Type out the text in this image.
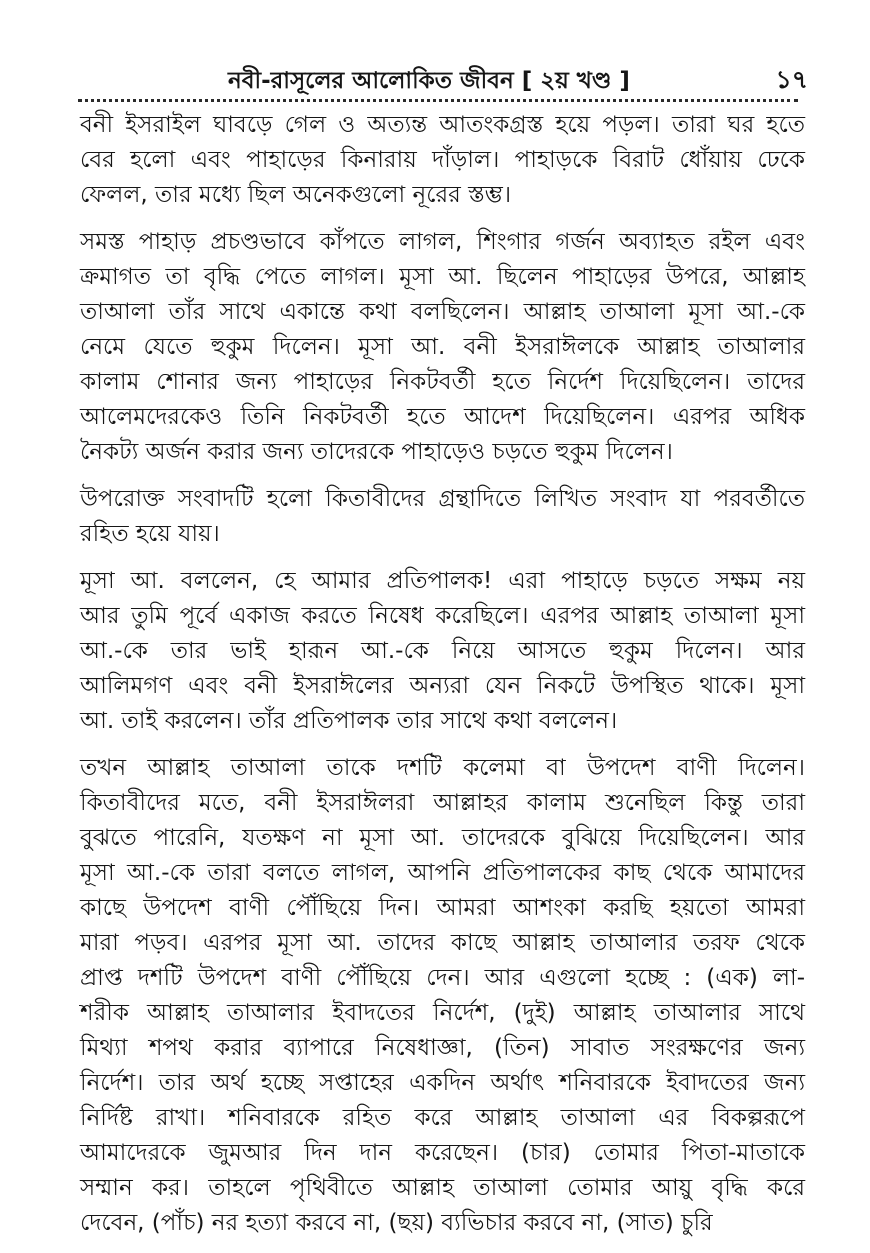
নবী-রাসূলের আলোকিত জীবন [ ২য় খণ্ড ]	১৭
বনী ইসরাইল ঘাবড়ে গেল ও অত্যন্ত আতংকগ্রস্ত হয়ে পড়ল। তারা ঘর হতে
বের হলো এবং পাহাড়ের কিনারায় দাঁড়াল। পাহাড়কে বিরাট ধোঁয়ায় ঢেকে
ফেলল, তার মধ্যে ছিল অনেকগুলো নূরের স্তম্ভ।
সমস্ত পাহাড় প্রচণ্ডভাবে কাঁপতে লাগল, শিংগার গর্জন অব্যাহত রইল এবং
ক্রমাগত তা বৃদ্ধি পেতে লাগল। মূসা আ. ছিলেন পাহাড়ের উপরে, আল্লাহ
তাআলা তাঁর সাথে একান্তে কথা বলছিলেন। আল্লাহ তাআলা মূসা আ.-কে
নেমে যেতে হুকুম দিলেন। মূসা আ. বনী ইসরাঈলকে আল্লাহ তাআলার
কালাম শোনার জন্য পাহাড়ের নিকটবর্তী হতে নির্দেশ দিয়েছিলেন। তাদের
আলেমদেরকেও তিনি নিকটবর্তী হতে আদেশ দিয়েছিলেন। এরপর অধিক
নৈকট্য অর্জন করার জন্য তাদেরকে পাহাড়েও চড়তে হুকুম দিলেন।
উপরোক্ত সংবাদটি হলো কিতাবীদের গ্রন্থাদিতে লিখিত সংবাদ যা পরবর্তীতে
রহিত হয়ে যায়।
মূসা আ. বললেন, হে আমার প্রতিপালক! এরা পাহাড়ে চড়তে সক্ষম নয়
আর তুমি পূর্বে একাজ করতে নিষেধ করেছিলে। এরপর আল্লাহ তাআলা মূসা
আ.-কে তার ভাই হারূন আ.-কে নিয়ে আসতে হুকুম দিলেন। আর
আলিমগণ এবং বনী ইসরাঈলের অন্যরা যেন নিকটে উপস্থিত থাকে। মূসা
আ. তাই করলেন। তাঁর প্রতিপালক তার সাথে কথা বললেন।
তখন আল্লাহ তাআলা তাকে দশটি কলেমা বা উপদেশ বাণী দিলেন।
কিতাবীদের মতে, বনী ইসরাঈলরা আল্লাহর কালাম শুনেছিল কিন্তু তারা
বুঝতে পারেনি, যতক্ষণ না মূসা আ. তাদেরকে বুঝিয়ে দিয়েছিলেন। আর
মূসা আ.-কে তারা বলতে লাগল, আপনি প্রতিপালকের কাছ থেকে আমাদের
কাছে উপদেশ বাণী পৌঁছিয়ে দিন। আমরা আশংকা করছি হয়তো আমরা
মারা পড়ব। এরপর মূসা আ. তাদের কাছে আল্লাহ তাআলার তরফ থেকে
প্রাপ্ত দশটি উপদেশ বাণী পৌঁছিয়ে দেন। আর এগুলো হচ্ছে : (এক) লা-
শরীক আল্লাহ তাআলার ইবাদতের নির্দেশ, (দুই) আল্লাহ তাআলার সাথে
মিথ্যা শপথ করার ব্যাপারে নিষেধাজ্ঞা, (তিন) সাবাত সংরক্ষণের জন্য
নির্দেশ। তার অর্থ হচ্ছে সপ্তাহের একদিন অর্থাৎ শনিবারকে ইবাদতের জন্য
নির্দিষ্ট রাখা। শনিবারকে রহিত করে আল্লাহ তাআলা এর বিকল্পরূপে
আমাদেরকে জুমআর দিন দান করেছেন। (চার) তোমার পিতা-মাতাকে
সম্মান কর। তাহলে পৃথিবীতে আল্লাহ তাআলা তোমার আয়ু বৃদ্ধি করে
দেবেন, (পাঁচ) নর হত্যা করবে না, (ছয়) ব্যভিচার করবে না, (সাত) চুরি
